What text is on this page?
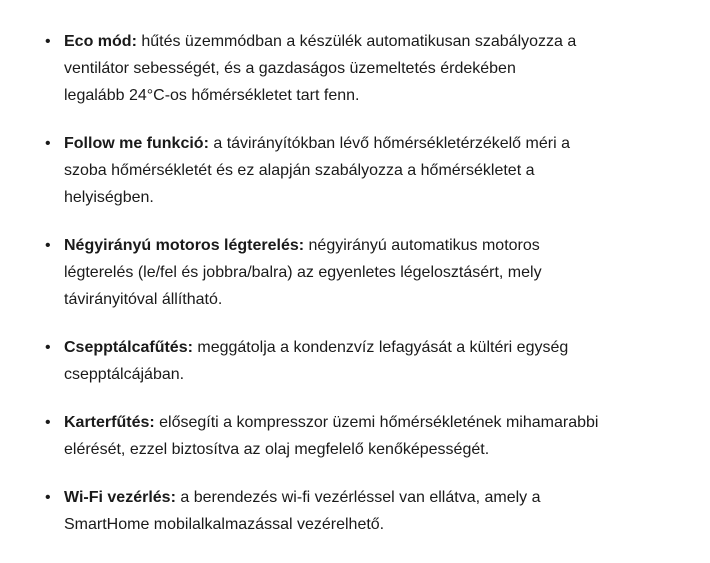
• Eco mód: hűtés üzemmódban a készülék automatikusan szabályozza a
ventilátor sebességét, és a gazdaságos üzemeltetés érdekében
legalább 24°C-os hőmérsékletet tart fenn.
• Follow me funkció: a távirányítókban lévő hőmérsékletérzékelő méri a
szoba hőmérsékletét és ez alapján szabályozza a hőmérsékletet a
helyiségben.
• Négyirányú motoros légterelés: négyirányú automatikus motoros
légterelés (le/fel és jobbra/balra) az egyenletes légelosztásért, mely
távirányitóval állítható.
• Csepptálcafűtés: meggátolja a kondenzvíz lefagyását a kültéri egység
csepptálcájában.
• Karterfűtés: elősegíti a kompresszor üzemi hőmérsékletének mihamarabbi
elérését, ezzel biztosítva az olaj megfelelő kenőképességét.
• Wi-Fi vezérlés: a berendezés wi-fi vezérléssel van ellátva, amely a
SmartHome mobilalkalmazással vezérelhető.
